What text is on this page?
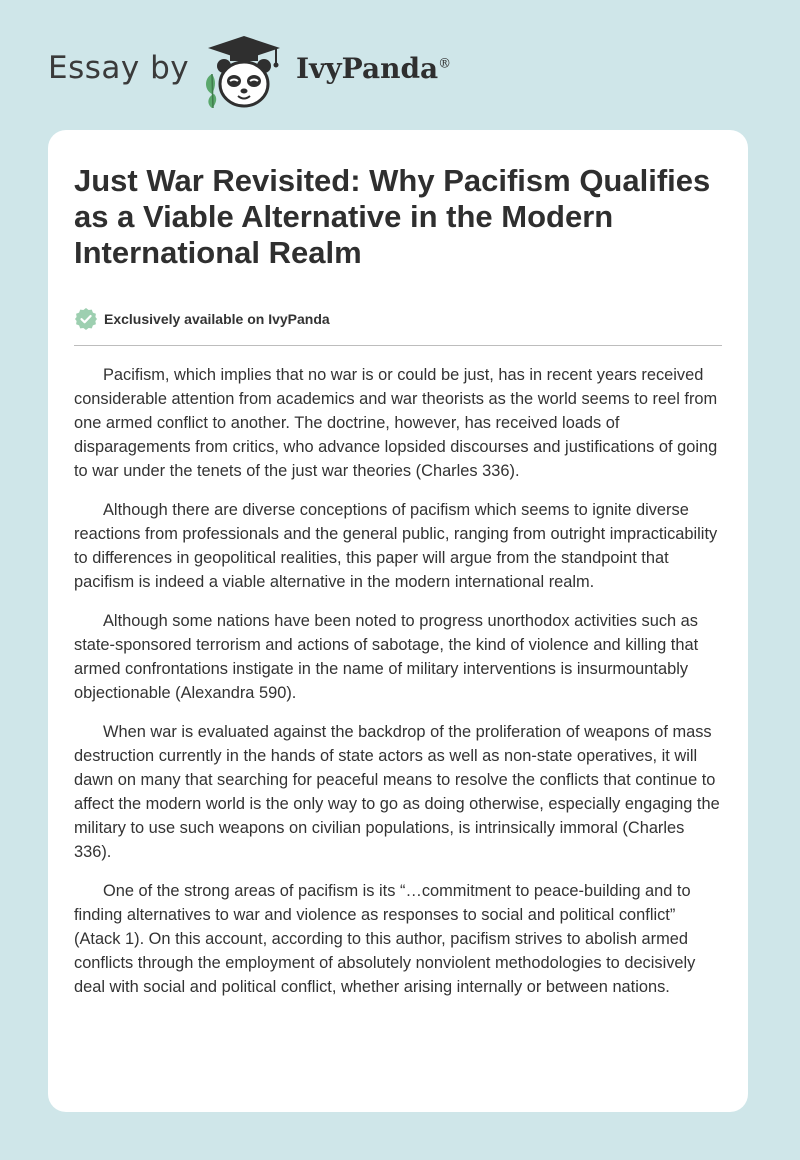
Essay by	IvyPanda®
Just War Revisited: Why Pacifism Qualifies as a Viable Alternative in the Modern International Realm
Exclusively available on IvyPanda

Pacifism, which implies that no war is or could be just, has in recent years received considerable attention from academics and war theorists as the world seems to reel from one armed conflict to another. The doctrine, however, has received loads of disparagements from critics, who advance lopsided discourses and justifications of going to war under the tenets of the just war theories (Charles 336).

Although there are diverse conceptions of pacifism which seems to ignite diverse reactions from professionals and the general public, ranging from outright impracticability to differences in geopolitical realities, this paper will argue from the standpoint that pacifism is indeed a viable alternative in the modern international realm.

Although some nations have been noted to progress unorthodox activities such as state-sponsored terrorism and actions of sabotage, the kind of violence and killing that armed confrontations instigate in the name of military interventions is insurmountably objectionable (Alexandra 590).

When war is evaluated against the backdrop of the proliferation of weapons of mass destruction currently in the hands of state actors as well as non-state operatives, it will dawn on many that searching for peaceful means to resolve the conflicts that continue to affect the modern world is the only way to go as doing otherwise, especially engaging the military to use such weapons on civilian populations, is intrinsically immoral (Charles 336).

One of the strong areas of pacifism is its “…commitment to peace-building and to finding alternatives to war and violence as responses to social and political conflict” (Atack 1). On this account, according to this author, pacifism strives to abolish armed conflicts through the employment of absolutely nonviolent methodologies to decisively deal with social and political conflict, whether arising internally or between nations.
